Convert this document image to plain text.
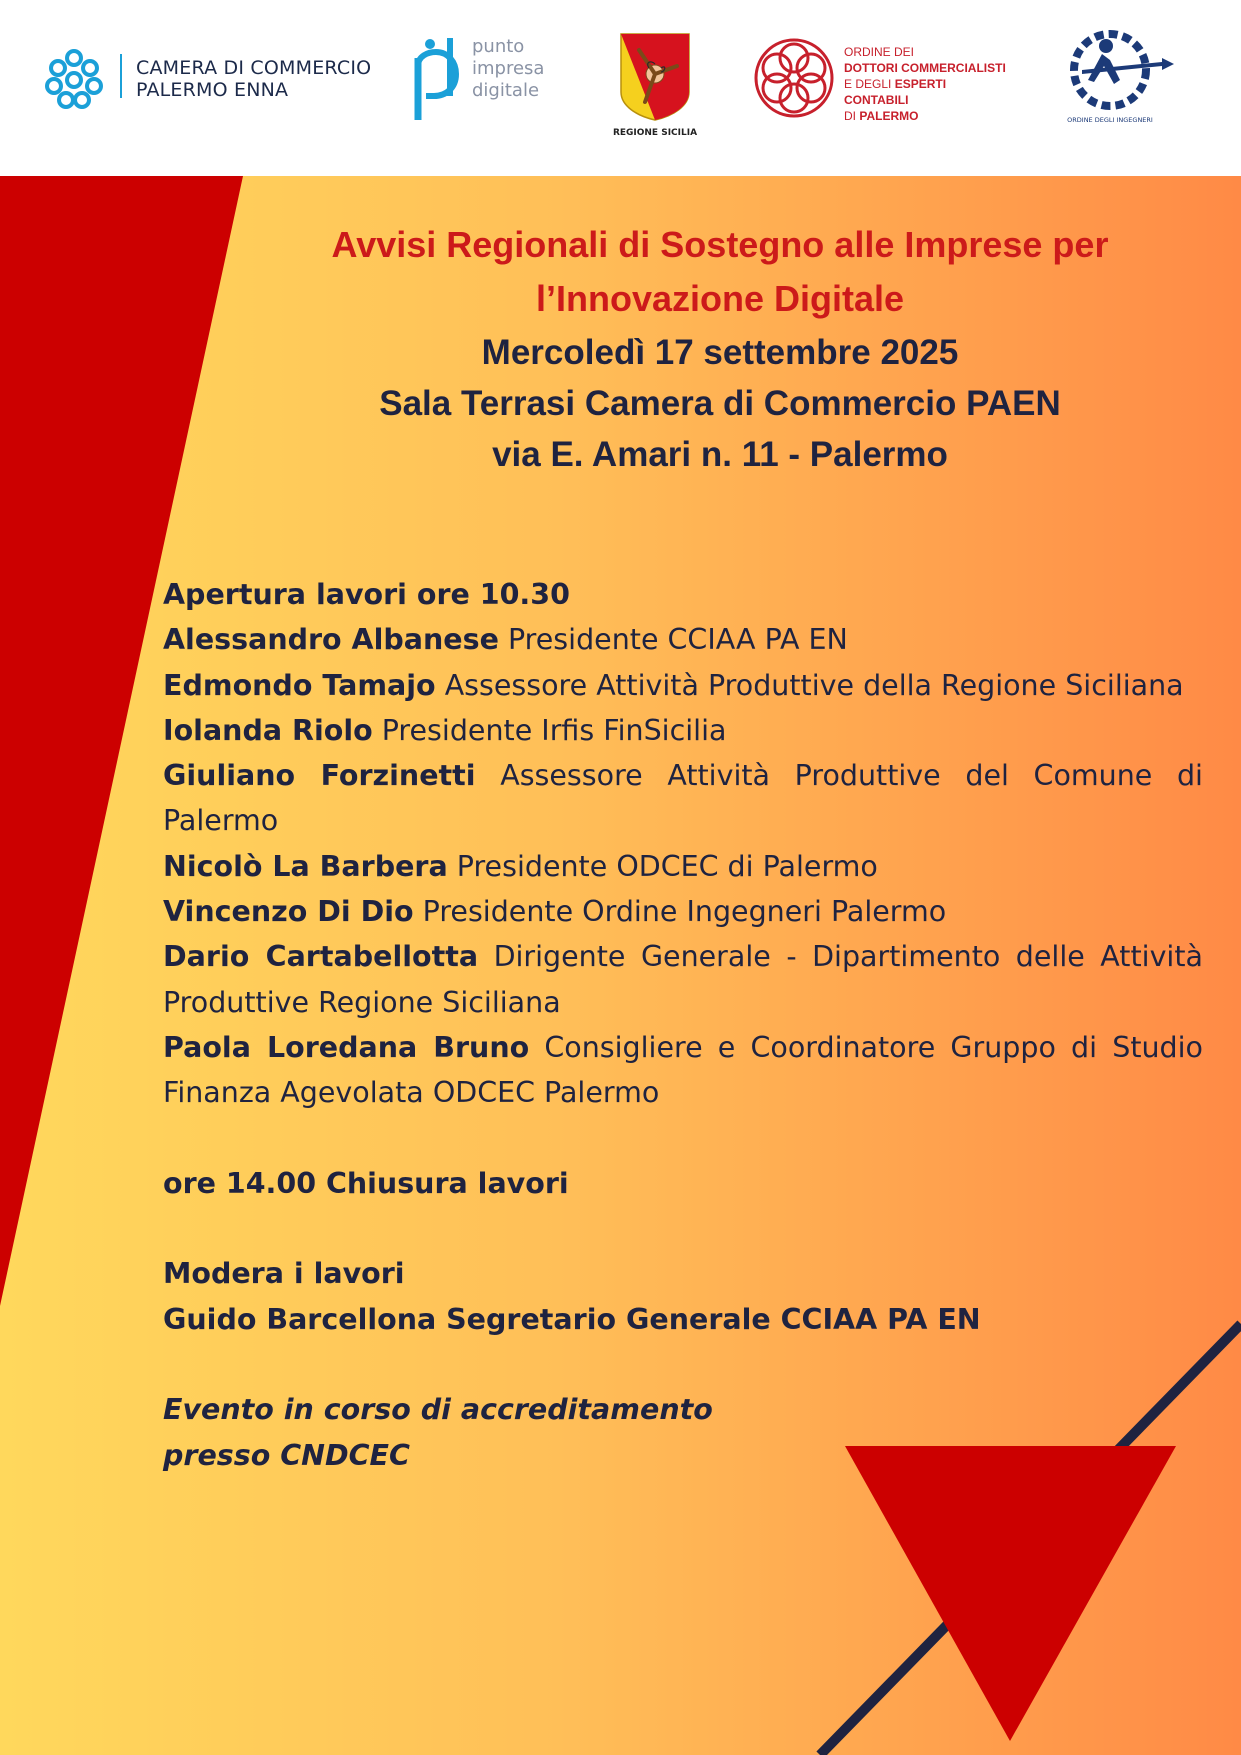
CAMERA DI COMMERCIO
PALERMO ENNA
punto
impresa
digitale
REGIONE SICILIA
ORDINE DEI
DOTTORI COMMERCIALISTI
E DEGLI ESPERTI CONTABILI
DI PALERMO	ORDINE DEGLI INGEGNERI
Avvisi Regionali di Sostegno alle Imprese per
l’Innovazione Digitale
Mercoledì 17 settembre 2025
Sala Terrasi Camera di Commercio PAEN
via E. Amari n. 11 - Palermo

Apertura lavori ore 10.30

Alessandro Albanese Presidente CCIAA PA EN

Edmondo Tamajo Assessore Attività Produttive della Regione Siciliana

Iolanda Riolo Presidente Irfis FinSicilia

Giuliano Forzinetti Assessore Attività Produttive del Comune di Palermo

Nicolò La Barbera Presidente ODCEC di Palermo

Vincenzo Di Dio Presidente Ordine Ingegneri Palermo

Dario Cartabellotta Dirigente Generale - Dipartimento delle Attività Produttive Regione Siciliana

Paola Loredana Bruno Consigliere e Coordinatore Gruppo di Studio Finanza Agevolata ODCEC Palermo

ore 14.00 Chiusura lavori

Modera i lavori

Guido Barcellona Segretario Generale CCIAA PA EN

Evento in corso di accreditamento

presso CNDCEC
